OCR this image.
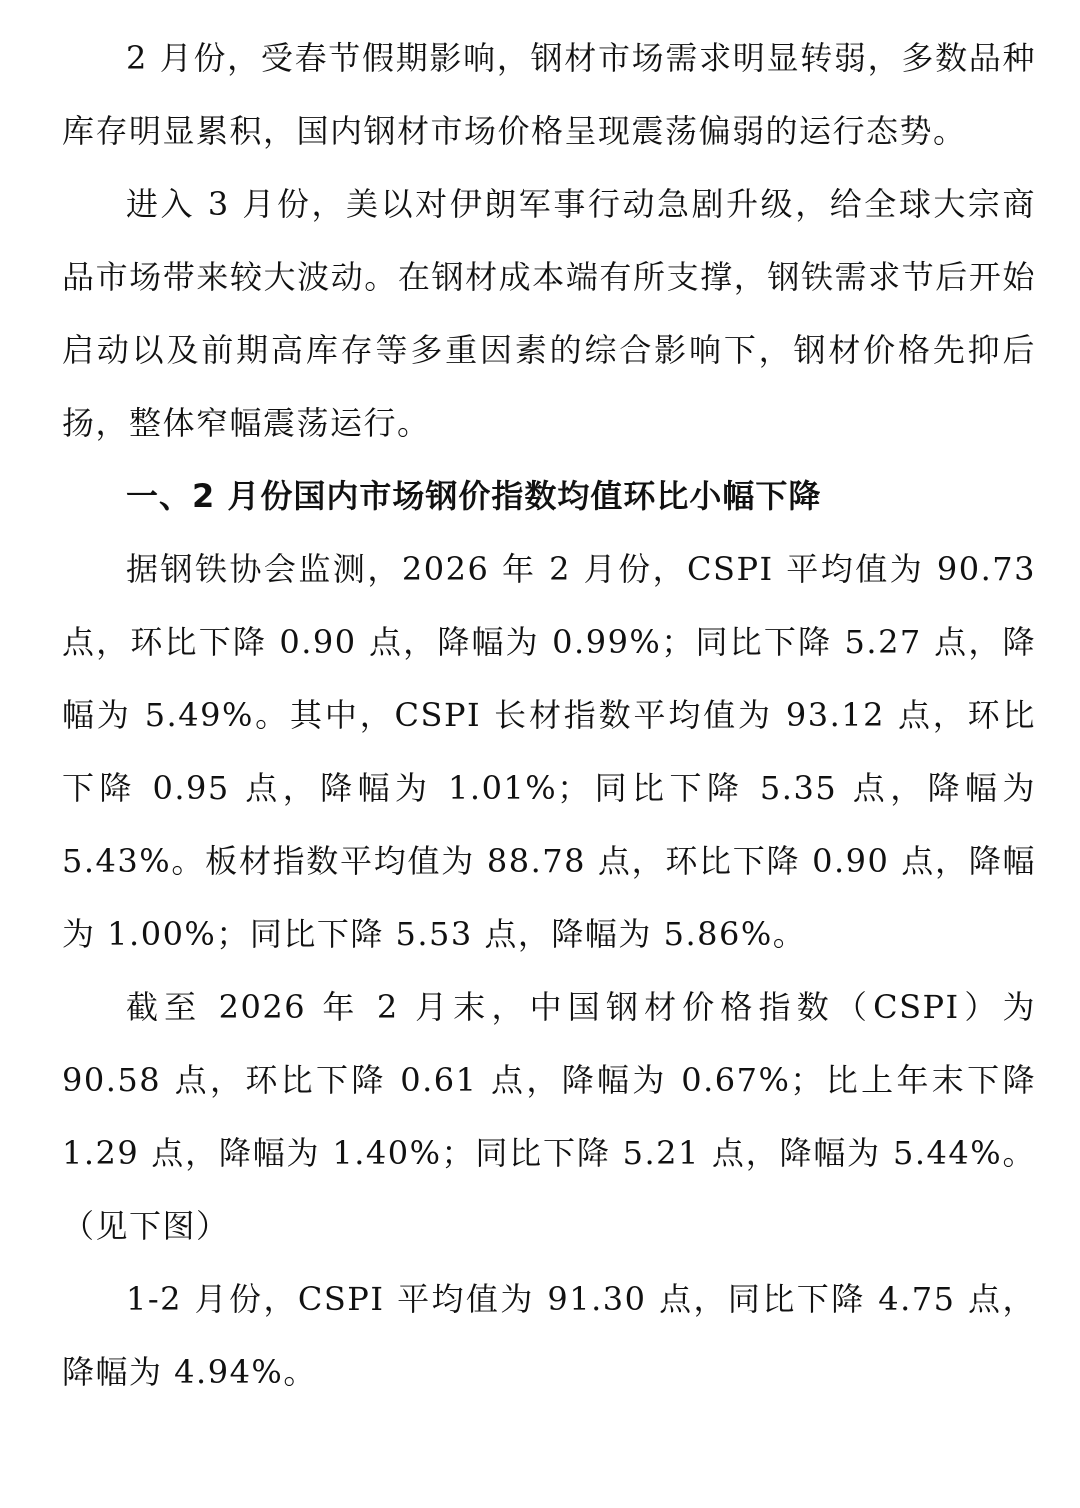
2 月份，受春节假期影响，钢材市场需求明显转弱，多数品种库存明显累积，国内钢材市场价格呈现震荡偏弱的运行态势。

进入 3 月份，美以对伊朗军事行动急剧升级，给全球大宗商品市场带来较大波动。在钢材成本端有所支撑，钢铁需求节后开始启动以及前期高库存等多重因素的综合影响下，钢材价格先抑后扬，整体窄幅震荡运行。

一、2 月份国内市场钢价指数均值环比小幅下降

据钢铁协会监测，2026 年 2 月份，CSPI 平均值为 90.73 点，环比下降 0.90 点，降幅为 0.99%；同比下降 5.27 点，降幅为 5.49%。其中，CSPI 长材指数平均值为 93.12 点，环比下降 0.95 点，降幅为 1.01%；同比下降 5.35 点，降幅为 5.43%。板材指数平均值为 88.78 点，环比下降 0.90 点，降幅为 1.00%；同比下降 5.53 点，降幅为 5.86%。

截至 2026 年 2 月末，中国钢材价格指数（CSPI）为 90.58 点，环比下降 0.61 点，降幅为 0.67%；比上年末下降 1.29 点，降幅为 1.40%；同比下降 5.21 点，降幅为 5.44%。（见下图）

1-2 月份，CSPI 平均值为 91.30 点，同比下降 4.75 点，降幅为 4.94%。
